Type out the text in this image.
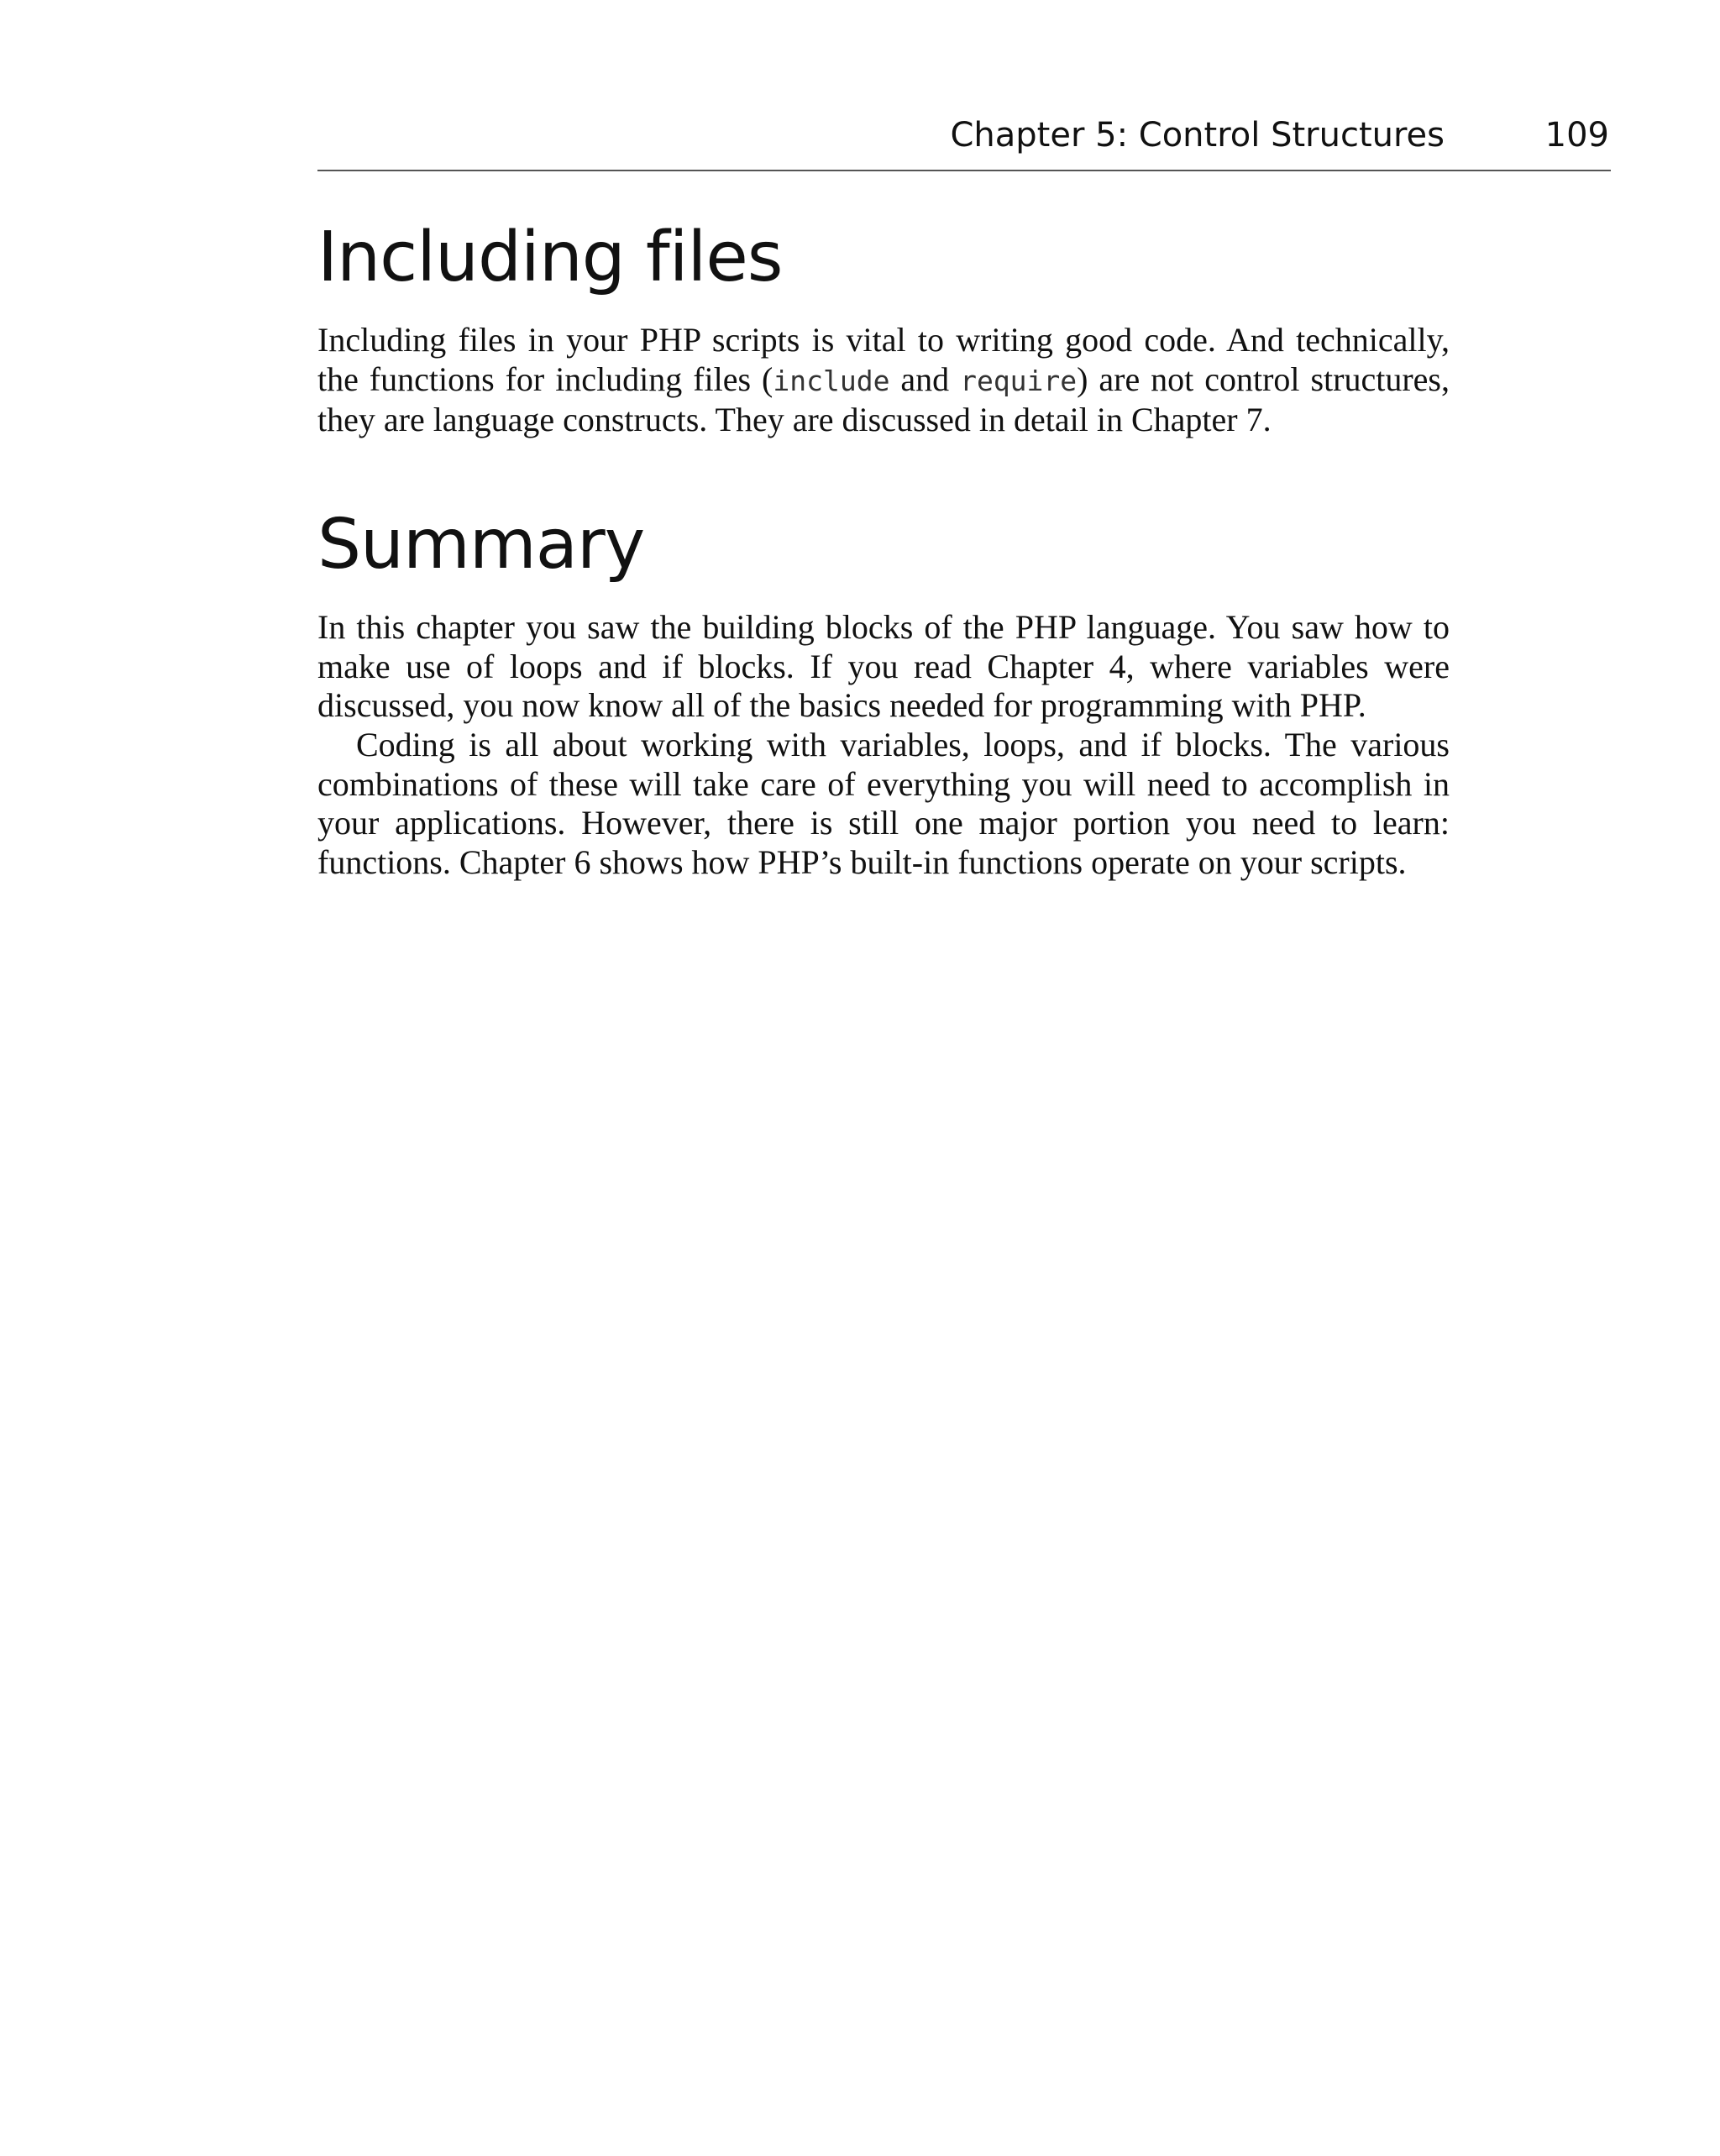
Chapter 5: Control Structures	109
Including files

Including files in your PHP scripts is vital to writing good code. And technically, the functions for including files (include and require) are not control structures, they are language constructs. They are discussed in detail in Chapter 7.

Summary

In this chapter you saw the building blocks of the PHP language. You saw how to make use of loops and if blocks. If you read Chapter 4, where variables were discussed, you now know all of the basics needed for programming with PHP.

Coding is all about working with variables, loops, and if blocks. The various combinations of these will take care of everything you will need to accomplish in your applications. However, there is still one major portion you need to learn: functions. Chapter 6 shows how PHP’s built-in functions operate on your scripts.
